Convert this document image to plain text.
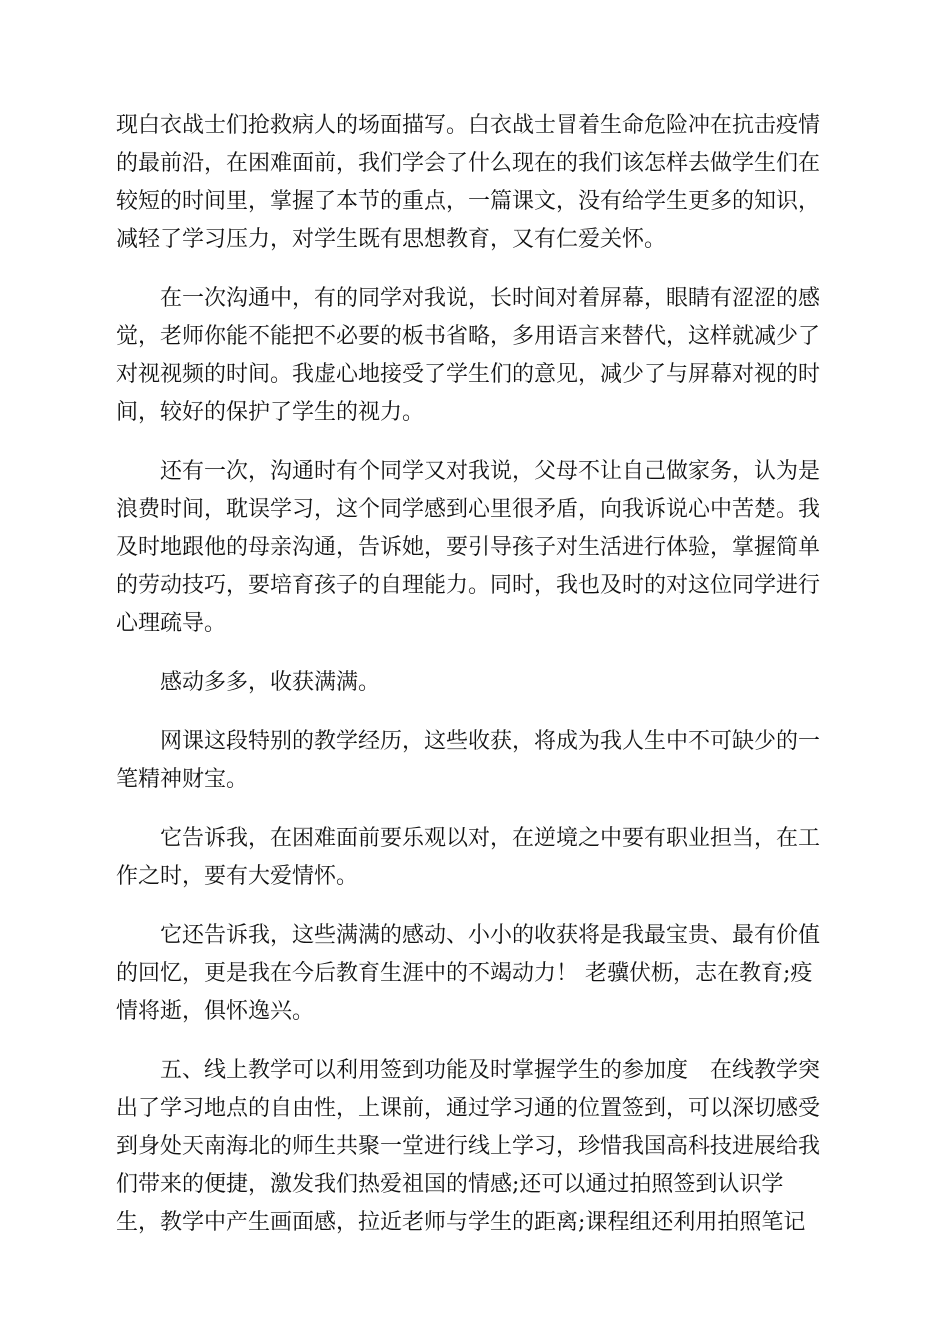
现白衣战士们抢救病人的场面描写。白衣战士冒着生命危险冲在抗击疫情
的最前沿，在困难面前，我们学会了什么现在的我们该怎样去做学生们在
较短的时间里，掌握了本节的重点，一篇课文，没有给学生更多的知识，
减轻了学习压力，对学生既有思想教育，又有仁爱关怀。
在一次沟通中，有的同学对我说，长时间对着屏幕，眼睛有涩涩的感
觉，老师你能不能把不必要的板书省略，多用语言来替代，这样就减少了
对视视频的时间。我虚心地接受了学生们的意见，减少了与屏幕对视的时
间，较好的保护了学生的视力。
还有一次，沟通时有个同学又对我说，父母不让自己做家务，认为是
浪费时间，耽误学习，这个同学感到心里很矛盾，向我诉说心中苦楚。我
及时地跟他的母亲沟通，告诉她，要引导孩子对生活进行体验，掌握简单
的劳动技巧，要培育孩子的自理能力。同时，我也及时的对这位同学进行
心理疏导。
感动多多，收获满满。
网课这段特别的教学经历，这些收获，将成为我人生中不可缺少的一
笔精神财宝。
它告诉我，在困难面前要乐观以对，在逆境之中要有职业担当，在工
作之时，要有大爱情怀。
它还告诉我，这些满满的感动、小小的收获将是我最宝贵、最有价值
的回忆，更是我在今后教育生涯中的不竭动力！ 老骥伏枥，志在教育;疫
情将逝，俱怀逸兴。
五、线上教学可以利用签到功能及时掌握学生的参加度　在线教学突
出了学习地点的自由性，上课前，通过学习通的位置签到，可以深切感受
到身处天南海北的师生共聚一堂进行线上学习，珍惜我国高科技进展给我
们带来的便捷，激发我们热爱祖国的情感;还可以通过拍照签到认识学
生，教学中产生画面感，拉近老师与学生的距离;课程组还利用拍照笔记
